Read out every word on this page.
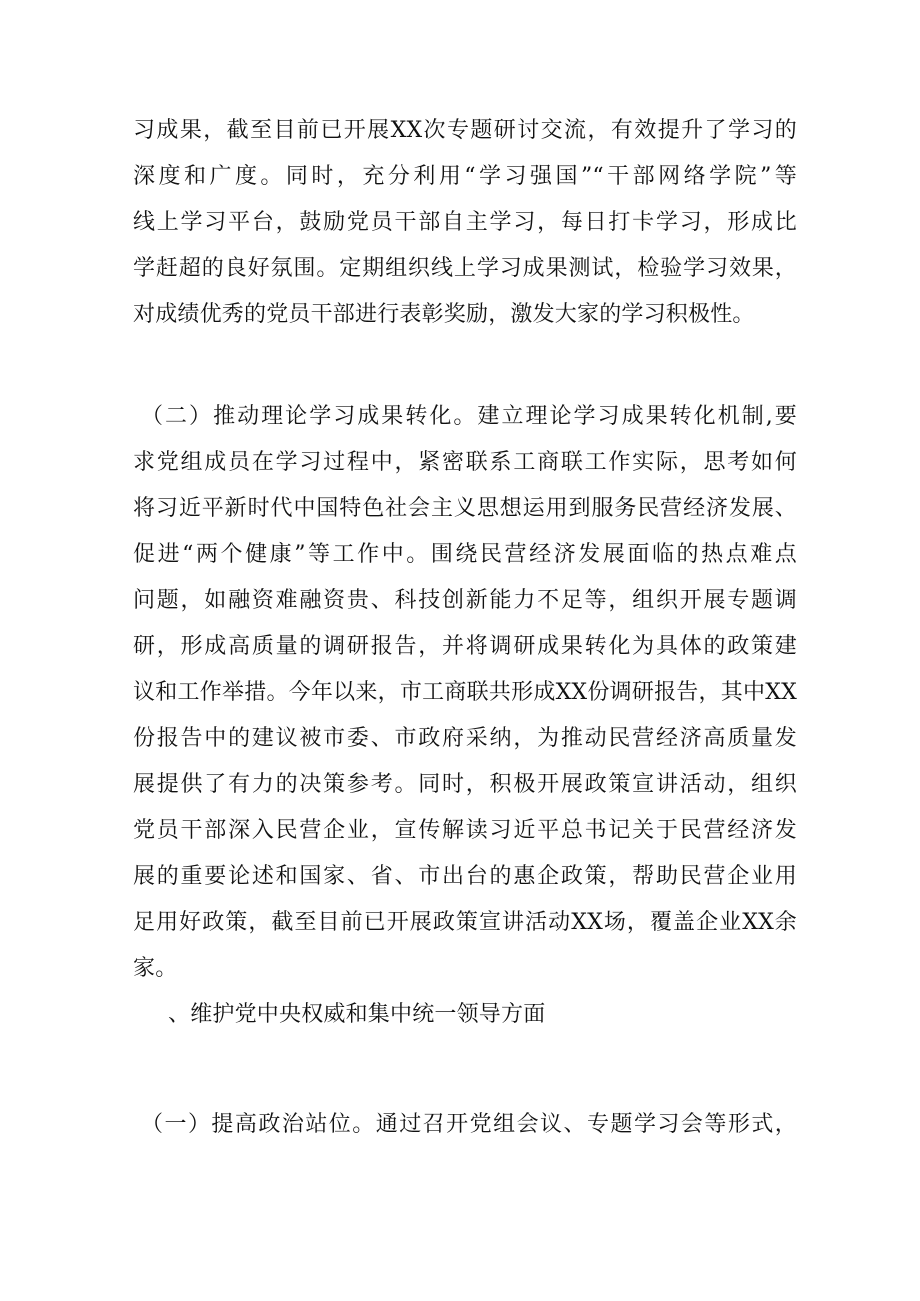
习成果，截至目前已开展XX次专题研讨交流，有效提升了学习的
深度和广度。同时，充分利用“学习强国”“干部网络学院”等
线上学习平台，鼓励党员干部自主学习，每日打卡学习，形成比
学赶超的良好氛围。定期组织线上学习成果测试，检验学习效果，
对成绩优秀的党员干部进行表彰奖励，激发大家的学习积极性。
（二）推动理论学习成果转化。建立理论学习成果转化机制,要
求党组成员在学习过程中，紧密联系工商联工作实际，思考如何
将习近平新时代中国特色社会主义思想运用到服务民营经济发展、
促进“两个健康”等工作中。围绕民营经济发展面临的热点难点
问题，如融资难融资贵、科技创新能力不足等，组织开展专题调
研，形成高质量的调研报告，并将调研成果转化为具体的政策建
议和工作举措。今年以来，市工商联共形成XX份调研报告，其中XX
份报告中的建议被市委、市政府采纳，为推动民营经济高质量发
展提供了有力的决策参考。同时，积极开展政策宣讲活动，组织
党员干部深入民营企业，宣传解读习近平总书记关于民营经济发
展的重要论述和国家、省、市出台的惠企政策，帮助民营企业用
足用好政策，截至目前已开展政策宣讲活动XX场，覆盖企业XX余
家。
、维护党中央权威和集中统一领导方面
（一）提高政治站位。通过召开党组会议、专题学习会等形式，
